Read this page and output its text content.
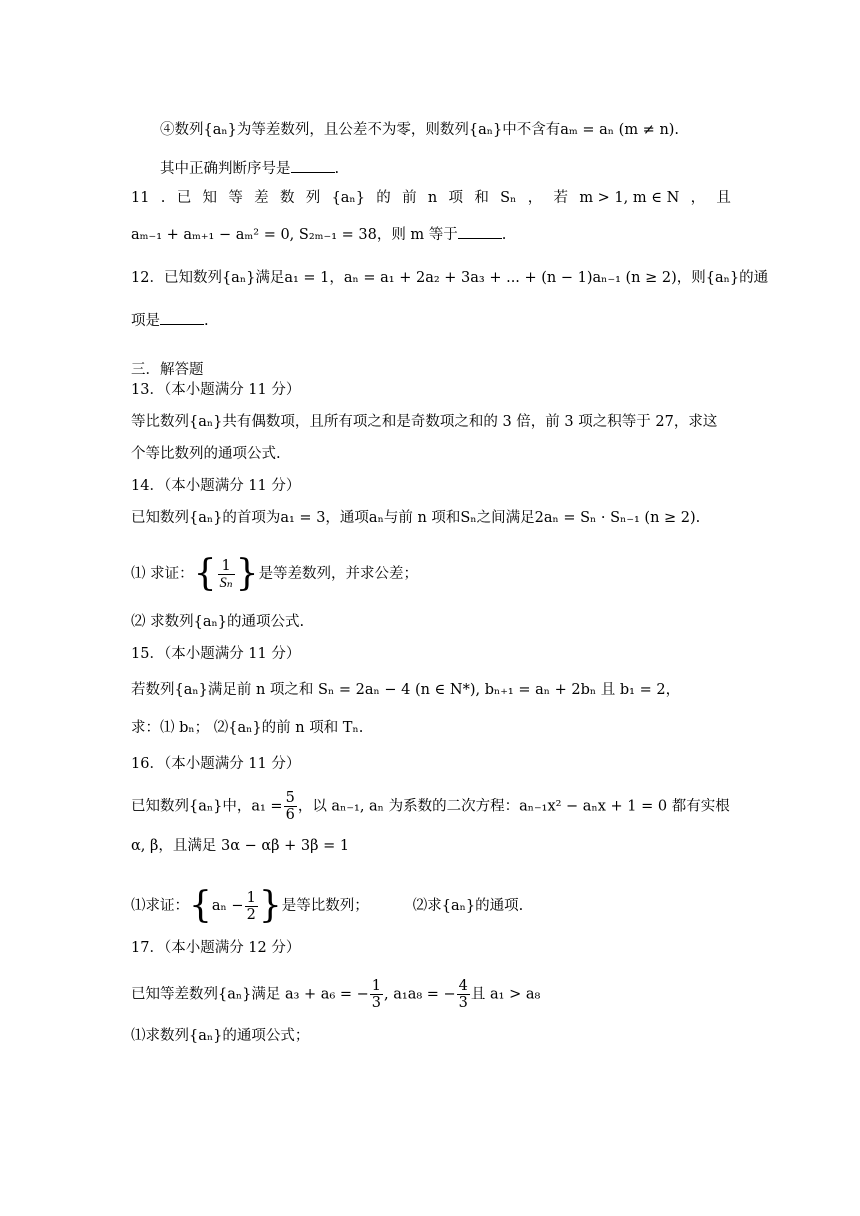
④数列{aₙ}为等差数列，且公差不为零，则数列{aₙ}中不含有aₘ = aₙ (m ≠ n).
其中正确判断序号是	.
11 . 已 知 等 差 数 列 {aₙ} 的 前 n 项 和 Sₙ ， 若 m > 1, m ∈ N ， 且
aₘ₋₁ + aₘ₊₁ − aₘ² = 0, S₂ₘ₋₁ = 38，则 m 等于	.
12．已知数列{aₙ}满足a₁ = 1，aₙ = a₁ + 2a₂ + 3a₃ + ... + (n − 1)aₙ₋₁ (n ≥ 2)，则{aₙ}的通
项是	.
三．解答题
13．（本小题满分 11 分）
等比数列{aₙ}共有偶数项，且所有项之和是奇数项之和的 3 倍，前 3 项之积等于 27，求这
个等比数列的通项公式.
14．（本小题满分 11 分）
已知数列{aₙ}的首项为a₁ = 3，通项aₙ与前 n 项和Sₙ之间满足2aₙ = Sₙ · Sₙ₋₁ (n ≥ 2).
⑴ 求证：{ $\frac{1}{\text{Sₙ}}$ }是等差数列，并求公差；
⑵ 求数列{aₙ}的通项公式.
15．（本小题满分 11 分）
若数列{aₙ}满足前 n 项之和 Sₙ = 2aₙ − 4 (n ∈ N*), bₙ₊₁ = aₙ + 2bₙ 且 b₁ = 2，
求：⑴ bₙ； ⑵{aₙ}的前 n 项和 Tₙ.
16．（本小题满分 11 分）
已知数列{aₙ}中，$a_1 = \frac{5}{6}$ ，以 aₙ₋₁, aₙ 为系数的二次方程：aₙ₋₁x² − aₙx + 1 = 0 都有实根
α, β，且满足 3α − αβ + 3β = 1
⑴求证：{$a_n - \frac{1}{2}$ }是等比数列；	⑵求{aₙ}的通项.
17．（本小题满分 12 分）
已知等差数列{aₙ}满足 a₃ + a₆ = − $\frac{1}{3}$ , a₁a₈ = − $\frac{4}{3}$ 且 a₁ > a₈
⑴求数列{aₙ}的通项公式；
